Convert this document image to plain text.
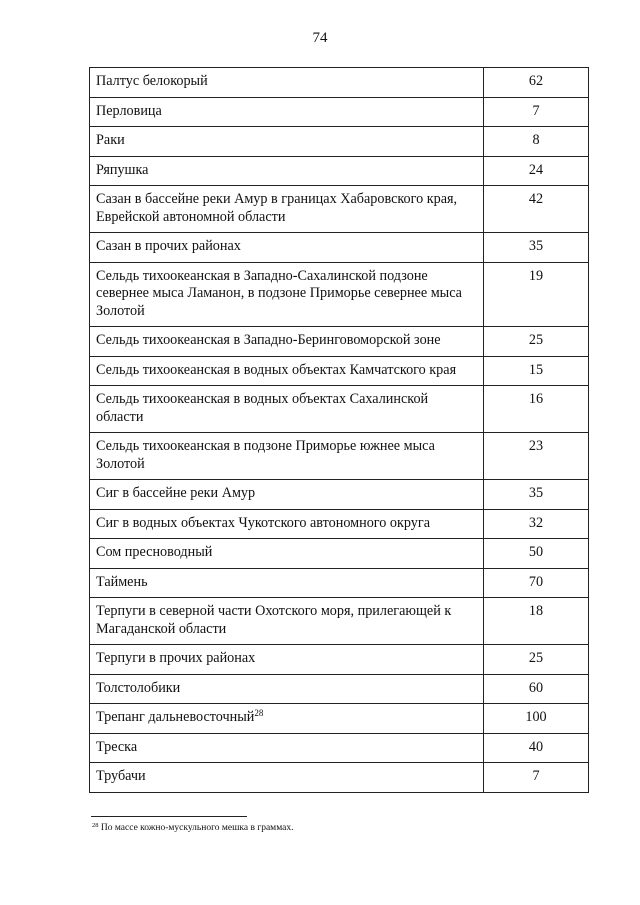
74
Палтус белокорый	62
Перловица	7
Раки	8
Ряпушка	24
Сазан в бассейне реки Амур в границах Хабаровского края, Еврейской автономной области	42
Сазан в прочих районах	35
Сельдь тихоокеанская в Западно-Сахалинской подзоне севернее мыса Ламанон, в подзоне Приморье севернее мыса Золотой	19
Сельдь тихоокеанская в Западно-Беринговоморской зоне	25
Сельдь тихоокеанская в водных объектах Камчатского края	15
Сельдь тихоокеанская в водных объектах Сахалинской области	16
Сельдь тихоокеанская в подзоне Приморье южнее мыса Золотой	23
Сиг в бассейне реки Амур	35
Сиг в водных объектах Чукотского автономного округа	32
Сом пресноводный	50
Таймень	70
Терпуги в северной части Охотского моря, прилегающей к Магаданской области	18
Терпуги в прочих районах	25
Толстолобики	60
Трепанг дальневосточный$^{28}$	100
Треска	40
Трубачи	7
$^{28}$ По массе кожно-мускульного мешка в граммах.
